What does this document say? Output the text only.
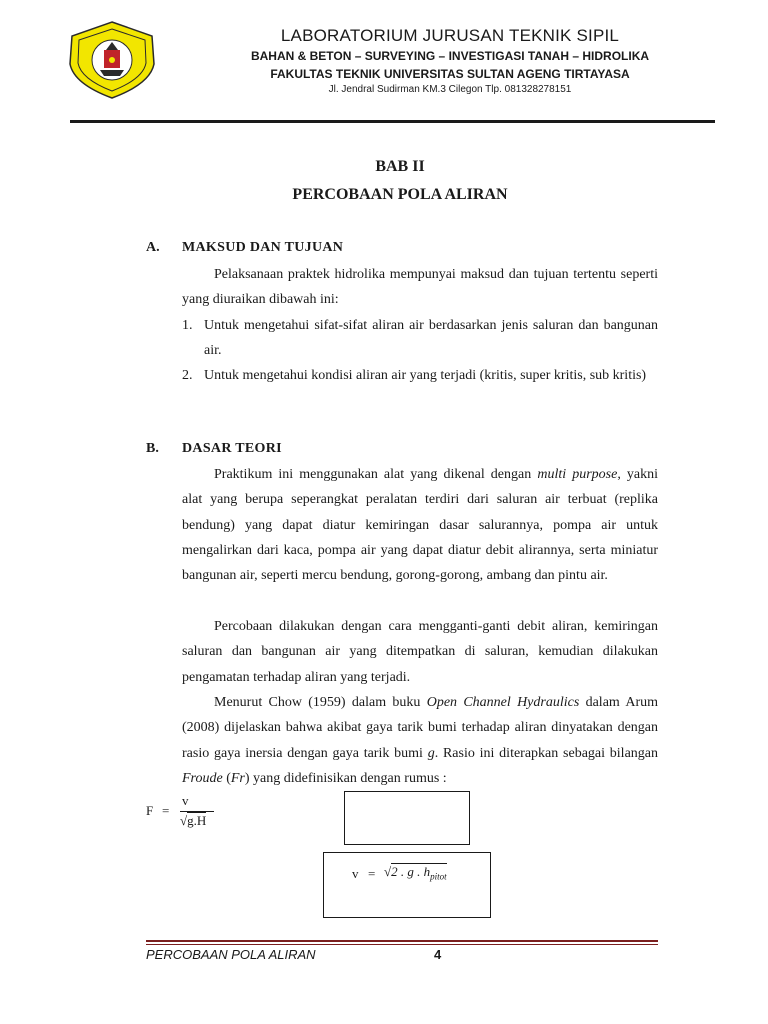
LABORATORIUM JURUSAN TEKNIK SIPIL
BAHAN & BETON – SURVEYING – INVESTIGASI TANAH – HIDROLIKA
FAKULTAS TEKNIK UNIVERSITAS SULTAN AGENG TIRTAYASA
Jl. Jendral Sudirman KM.3 Cilegon Tlp. 081328278151
BAB II
PERCOBAAN POLA ALIRAN
A. MAKSUD DAN TUJUAN

Pelaksanaan praktek hidrolika mempunyai maksud dan tujuan tertentu seperti yang diuraikan dibawah ini:

1. Untuk mengetahui sifat-sifat aliran air berdasarkan jenis saluran dan bangunan air.
2. Untuk mengetahui kondisi aliran air yang terjadi (kritis, super kritis, sub kritis)
B. DASAR TEORI

Praktikum ini menggunakan alat yang dikenal dengan multi purpose, yakni alat yang berupa seperangkat peralatan terdiri dari saluran air terbuat (replika bendung) yang dapat diatur kemiringan dasar salurannya, pompa air untuk mengalirkan dari kaca, pompa air yang dapat diatur debit alirannya, serta miniatur bangunan air, seperti mercu bendung, gorong-gorong, ambang dan pintu air.

Percobaan dilakukan dengan cara mengganti-ganti debit aliran, kemiringan saluran dan bangunan air yang ditempatkan di saluran, kemudian dilakukan pengamatan terhadap aliran yang terjadi.

Menurut Chow (1959) dalam buku Open Channel Hydraulics dalam Arum (2008) dijelaskan bahwa akibat gaya tarik bumi terhadap aliran dinyatakan dengan rasio gaya inersia dengan gaya tarik bumi g. Rasio ini diterapkan sebagai bilangan Froude (Fr) yang didefinisikan dengan rumus :

F =
v
√g.H
v = √2 . g . $h_{pitot}$
PERCOBAAN POLA ALIRAN	4
